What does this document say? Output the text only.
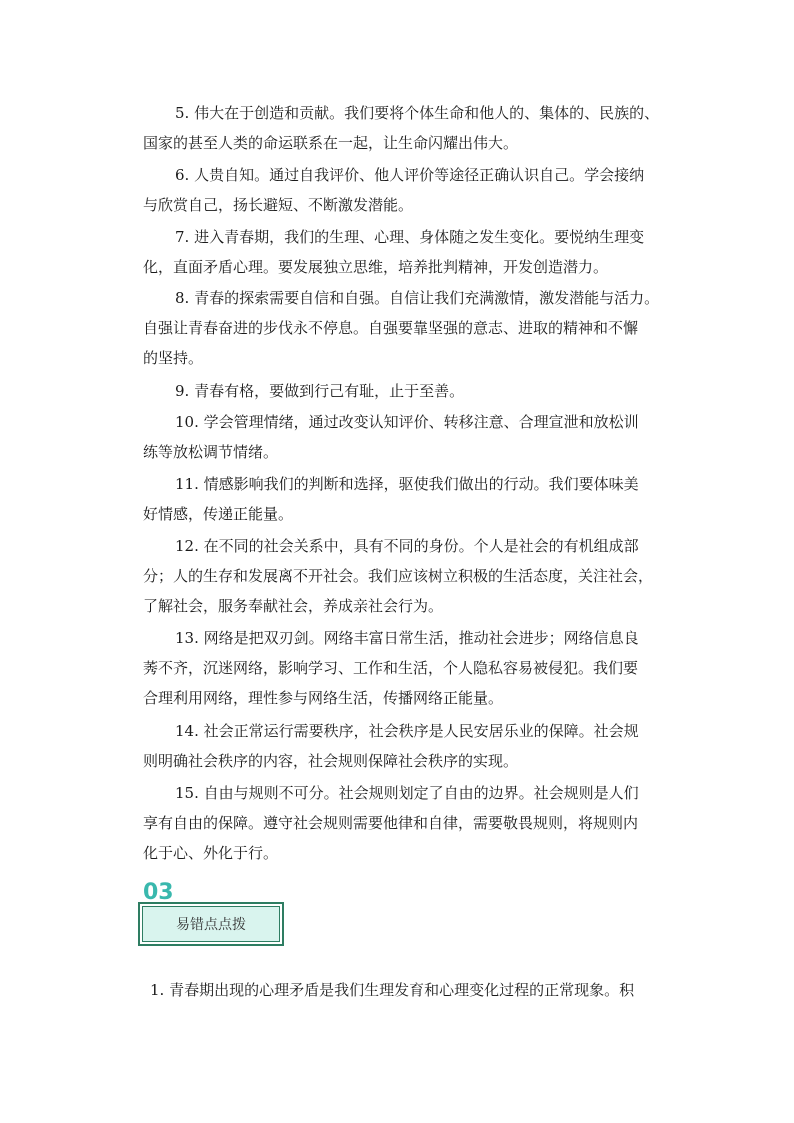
5. 伟大在于创造和贡献。我们要将个体生命和他人的、集体的、民族的、
国家的甚至人类的命运联系在一起，让生命闪耀出伟大。

6. 人贵自知。通过自我评价、他人评价等途径正确认识自己。学会接纳
与欣赏自己，扬长避短、不断激发潜能。

7. 进入青春期，我们的生理、心理、身体随之发生变化。要悦纳生理变
化，直面矛盾心理。要发展独立思维，培养批判精神，开发创造潜力。

8. 青春的探索需要自信和自强。自信让我们充满激情，激发潜能与活力。
自强让青春奋进的步伐永不停息。自强要靠坚强的意志、进取的精神和不懈
的坚持。

9. 青春有格，要做到行己有耻，止于至善。

10. 学会管理情绪，通过改变认知评价、转移注意、合理宣泄和放松训
练等放松调节情绪。

11. 情感影响我们的判断和选择，驱使我们做出的行动。我们要体味美
好情感，传递正能量。

12. 在不同的社会关系中，具有不同的身份。个人是社会的有机组成部
分；人的生存和发展离不开社会。我们应该树立积极的生活态度，关注社会，
了解社会，服务奉献社会，养成亲社会行为。

13. 网络是把双刃剑。网络丰富日常生活，推动社会进步；网络信息良
莠不齐，沉迷网络，影响学习、工作和生活，个人隐私容易被侵犯。我们要
合理利用网络，理性参与网络生活，传播网络正能量。

14. 社会正常运行需要秩序，社会秩序是人民安居乐业的保障。社会规
则明确社会秩序的内容，社会规则保障社会秩序的实现。

15. 自由与规则不可分。社会规则划定了自由的边界。社会规则是人们
享有自由的保障。遵守社会规则需要他律和自律，需要敬畏规则，将规则内
化于心、外化于行。

03
易错点点拨
1. 青春期出现的心理矛盾是我们生理发育和心理变化过程的正常现象。积
